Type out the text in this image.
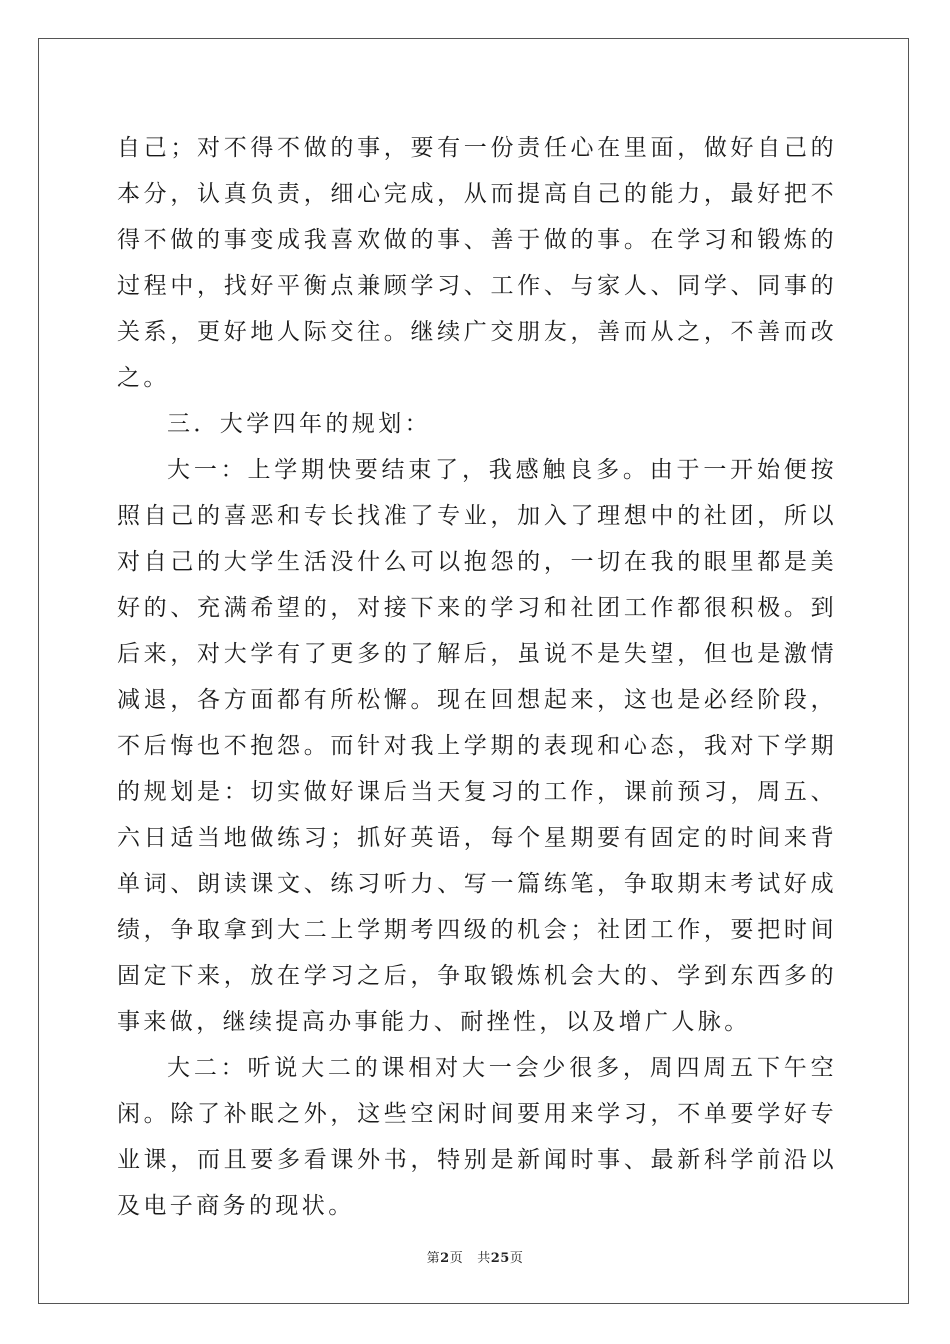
自己；对不得不做的事，要有一份责任心在里面，做好自己的本分，认真负责，细心完成，从而提高自己的能力，最好把不得不做的事变成我喜欢做的事、善于做的事。在学习和锻炼的过程中，找好平衡点兼顾学习、工作、与家人、同学、同事的关系，更好地人际交往。继续广交朋友，善而从之，不善而改之。

三．大学四年的规划：

大一：上学期快要结束了，我感触良多。由于一开始便按照自己的喜恶和专长找准了专业，加入了理想中的社团，所以对自己的大学生活没什么可以抱怨的，一切在我的眼里都是美好的、充满希望的，对接下来的学习和社团工作都很积极。到后来，对大学有了更多的了解后，虽说不是失望，但也是激情减退，各方面都有所松懈。现在回想起来，这也是必经阶段，不后悔也不抱怨。而针对我上学期的表现和心态，我对下学期的规划是：切实做好课后当天复习的工作，课前预习，周五、六日适当地做练习；抓好英语，每个星期要有固定的时间来背单词、朗读课文、练习听力、写一篇练笔，争取期末考试好成绩，争取拿到大二上学期考四级的机会；社团工作，要把时间固定下来，放在学习之后，争取锻炼机会大的、学到东西多的事来做，继续提高办事能力、耐挫性，以及增广人脉。

大二：听说大二的课相对大一会少很多，周四周五下午空闲。除了补眠之外，这些空闲时间要用来学习，不单要学好专业课，而且要多看课外书，特别是新闻时事、最新科学前沿以及电子商务的现状。

第2页 共25页
